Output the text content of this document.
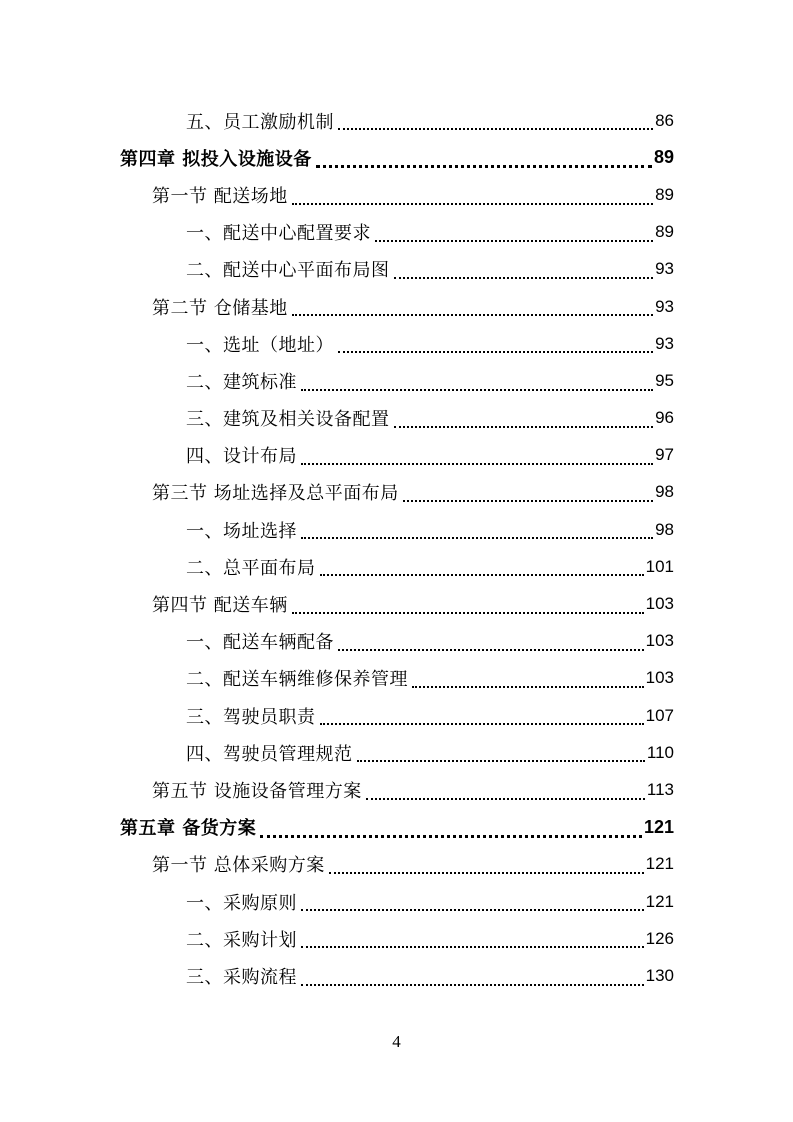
五、员工激励机制	86
第四章 拟投入设施设备	89
第一节 配送场地	89
一、配送中心配置要求	89
二、配送中心平面布局图	93
第二节 仓储基地	93
一、选址（地址）	93
二、建筑标准	95
三、建筑及相关设备配置	96
四、设计布局	97
第三节 场址选择及总平面布局	98
一、场址选择	98
二、总平面布局	101
第四节 配送车辆	103
一、配送车辆配备	103
二、配送车辆维修保养管理	103
三、驾驶员职责	107
四、驾驶员管理规范	110
第五节 设施设备管理方案	113
第五章 备货方案	121
第一节 总体采购方案	121
一、采购原则	121
二、采购计划	126
三、采购流程	130
4
